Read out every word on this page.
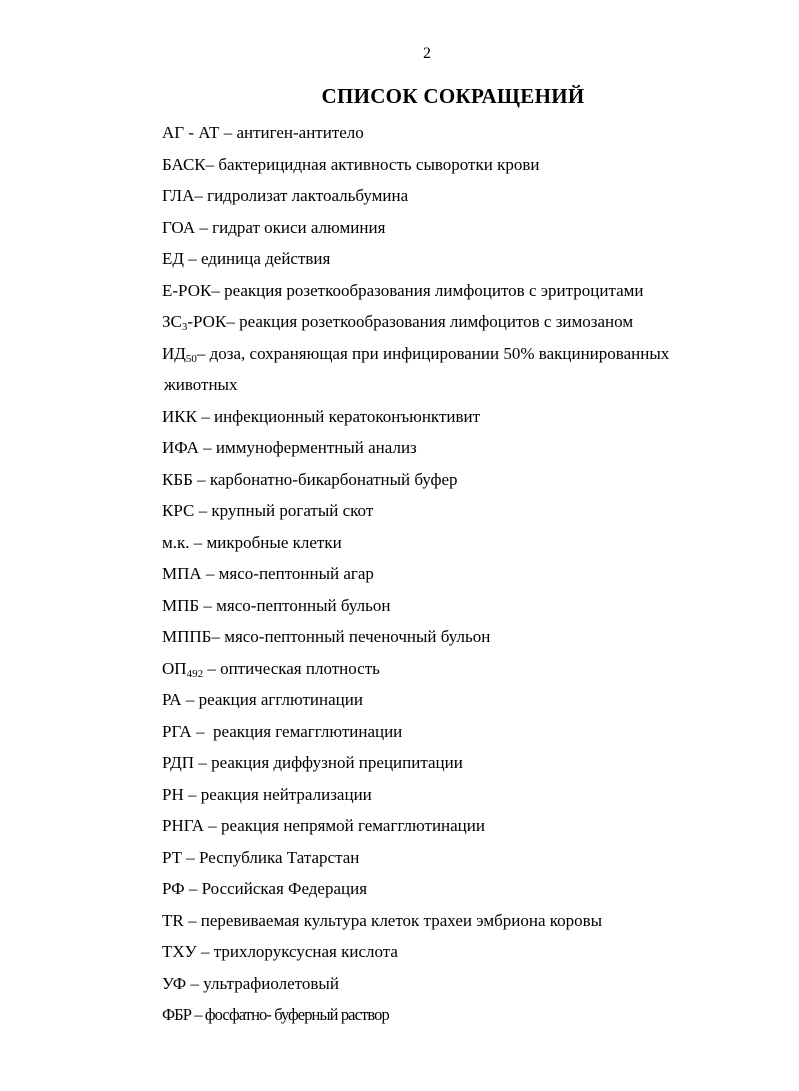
2
СПИСОК СОКРАЩЕНИЙ
АГ - АТ – антиген-антитело
БАСК– бактерицидная активность сыворотки крови
ГЛА– гидролизат лактоальбумина
ГОА – гидрат окиси алюминия
ЕД – единица действия
Е-РОК– реакция розеткообразования лимфоцитов с эритроцитами
$ЗС_3-РОК-$ реакция розеткообразования лимфоцитов с зимозаном
$ИД_{50}-$ доза, сохраняющая при инфицировании 50% вакцинированных
животных
ИКК – инфекционный кератоконъюнктивит
ИФА – иммуноферментный анализ
КББ – карбонатно-бикарбонатный буфер
КРС – крупный рогатый скот
м.к. – микробные клетки
МПА – мясо-пептонный агар
МПБ – мясо-пептонный бульон
МППБ– мясо-пептонный печеночный бульон
$ОП_{492}$ – оптическая плотность
РА – реакция агглютинации
РГА –  реакция гемагглютинации
РДП – реакция диффузной преципитации
РН – реакция нейтрализации
РНГА – реакция непрямой гемагглютинации
РТ – Республика Татарстан
РФ – Российская Федерация
TR – перевиваемая культура клеток трахеи эмбриона коровы
ТХУ – трихлоруксусная кислота
УФ – ультрафиолетовый
ФБР – фосфатно- буферный раствор
